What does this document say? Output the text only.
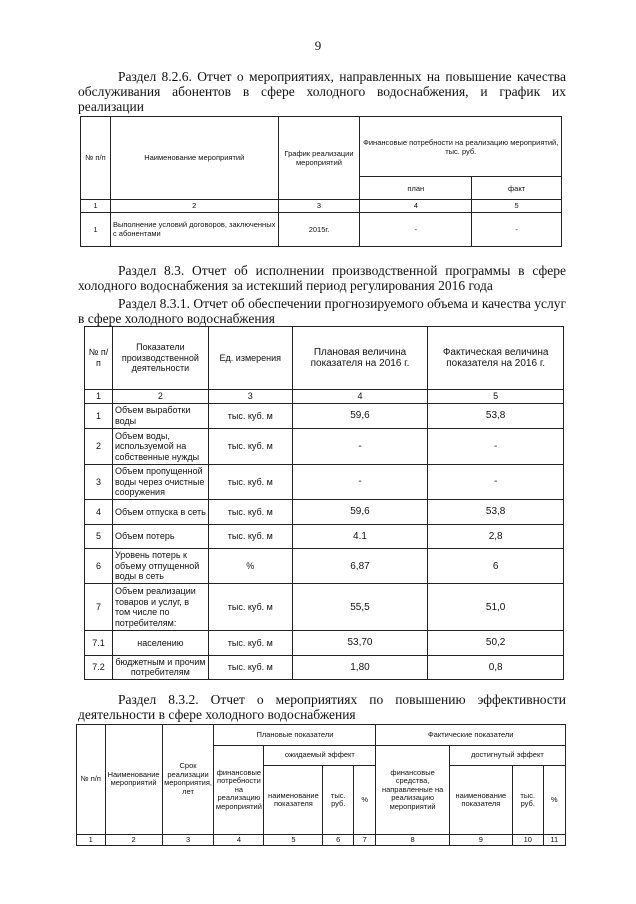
9

Раздел 8.2.6. Отчет о мероприятиях, направленных на повышение качества обслуживания абонентов в сфере холодного водоснабжения, и график их реализации

№ п/п	Наименование мероприятий	График реализации мероприятий	Финансовые потребности на реализацию мероприятий, тыс. руб.	
			план	факт
1	2	3	4	5
1	Выполнение условий договоров, заключенных с абонентами	2015г.	-	-

Раздел 8.3. Отчет об исполнении производственной программы в сфере холодного водоснабжения за истекший период регулирования 2016 года

Раздел 8.3.1. Отчет об обеспечении прогнозируемого объема и качества услуг в сфере холодного водоснабжения

№ п/п	Показатели производственной деятельности	Ед. измерения	Плановая величина показателя на 2016 г.	Фактическая величина показателя на 2016 г.
1	2	3	4	5
1	Объем выработки воды	тыс. куб. м	59,6	53,8
2	Объем воды, используемой на собственные нужды	тыс. куб. м	-	-
3	Объем пропущенной воды через очистные сооружения	тыс. куб. м	-	-
4	Объем отпуска в сеть	тыс. куб. м	59,6	53,8
5	Объем потерь	тыс. куб. м	4.1	2,8
6	Уровень потерь к объему отпущенной воды в сеть	%	6,87	6
7	Объем реализации товаров и услуг, в том числе по потребителям:	тыс. куб. м	55,5	51,0
7.1	населению	тыс. куб. м	53,70	50,2
7.2	бюджетным и прочим потребителям	тыс. куб. м	1,80	0,8

Раздел 8.3.2. Отчет о мероприятиях по повышению эффективности деятельности в сфере холодного водоснабжения

№ п/п	Наименование мероприятий	Срок реализации мероприятия, лет	Плановые показатели				Фактические показатели			
			финансовые потребности на реализацию мероприятий	ожидаемый эффект			финансовые средства, направленные на реализацию мероприятий	достигнутый эффект		
				наименование показателя	тыс. руб.	%		наименование показателя	тыс. руб.	%
1	2	3	4	5	6	7	8	9	10	11
